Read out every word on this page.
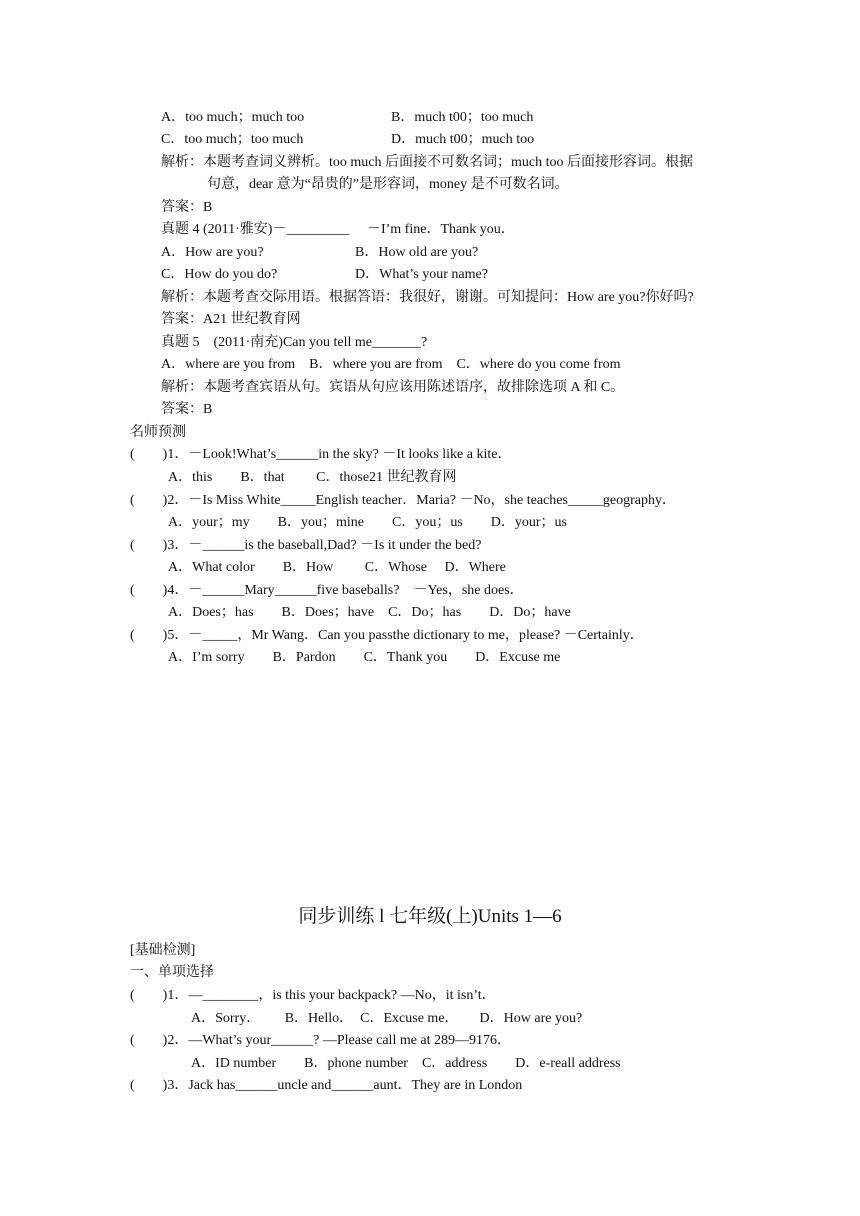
A．too much；much too	B．much t00；too much
C．too much；too much	D．much t00；much too
解析：本题考查词义辨析。too much 后面接不可数名词；much too 后面接形容词。根据
句意，dear 意为“昂贵的”是形容词，money 是不可数名词。
答案：B
真题 4 (2011·雅安)－_________　 －I’m fine．Thank you．
A．How are you?	B．How old are you?
C．How do you do?	D．What’s your name?
解析：本题考查交际用语。根据答语：我很好，谢谢。可知提问：How are you?你好吗?
答案：A21 世纪教育网
真题 5　(2011·南充)Can you tell me_______?
A．where are you from　B．where you are from　C．where do you come from
解析：本题考查宾语从句。宾语从句应该用陈述语序，故排除选项 A 和 C。
答案：B
名师预测
(　　)1．－Look!What’s______in the sky? －It looks like a kite．
A．this　　B．that　　 C．those21 世纪教育网
(　　)2．－Is Miss White_____English teacher．Maria? －No，she teaches_____geography．
A．your；my　　B．you；mine　　C．you；us　　D．your；us
(　　)3．－______is the baseball,Dad? －Is it under the bed?
A．What color　　B．How　　 C．Whose　 D．Where
(　　)4．－______Mary______five baseballs?　－Yes，she does．
A．Does；has　　B．Does；have　C．Do；has　　D．Do；have
(　　)5．－_____，Mr Wang．Can you passthe dictionary to me，please? －Certainly．
A．I’m sorry　　B．Pardon　　C．Thank you　　D．Excuse me
同步训练 l 七年级(上)Units 1—6
[基础检测]
一、单项选择
(　　)1．—________，is this your backpack? —No，it isn’t．
A．Sorry．　　 B．Hello．　C．Excuse me．　　D．How are you?
(　　)2．—What’s your______? —Please call me at 289—9176．
A．ID number　　B．phone number　C．address　　D．e-reall address
(　　)3．Jack has______uncle and______aunt．They are in London
